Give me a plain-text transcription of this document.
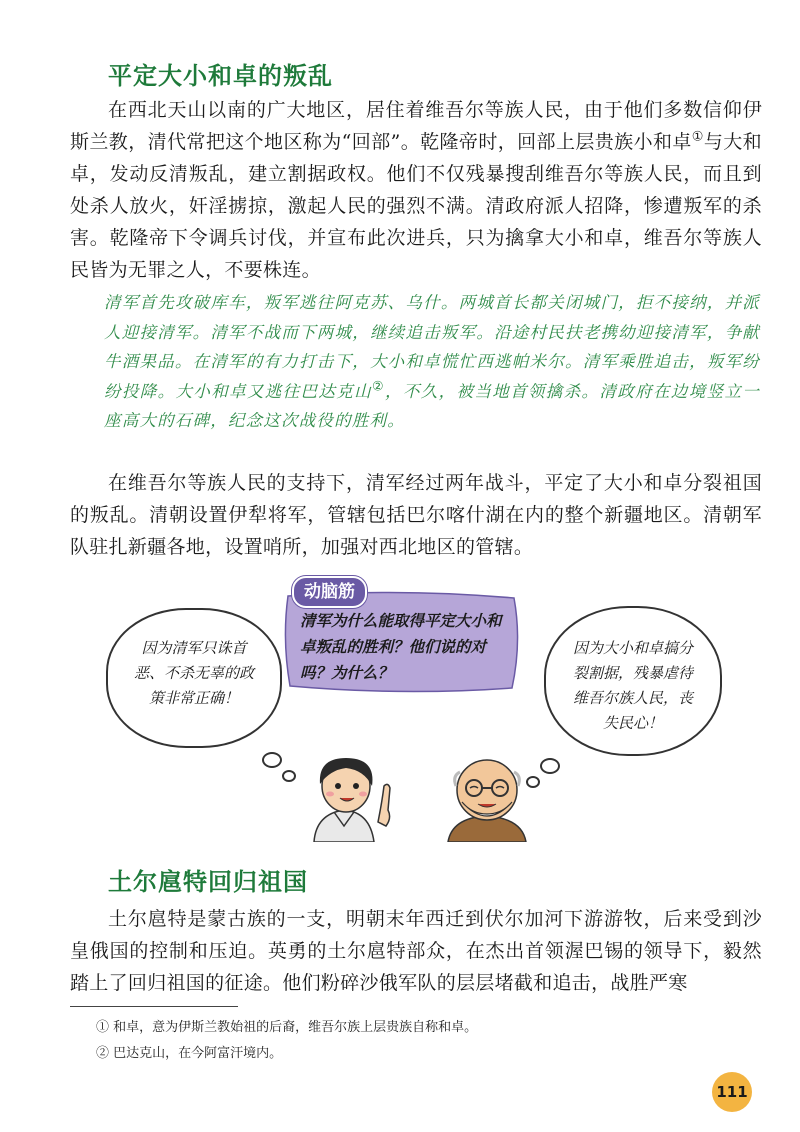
平定大小和卓的叛乱
在西北天山以南的广大地区，居住着维吾尔等族人民，由于他们多数信仰伊斯兰教，清代常把这个地区称为“回部”。乾隆帝时，回部上层贵族小和卓①与大和卓，发动反清叛乱，建立割据政权。他们不仅残暴搜刮维吾尔等族人民，而且到处杀人放火，奸淫掳掠，激起人民的强烈不满。清政府派人招降，惨遭叛军的杀害。乾隆帝下令调兵讨伐，并宣布此次进兵，只为擒拿大小和卓，维吾尔等族人民皆为无罪之人，不要株连。
清军首先攻破库车，叛军逃往阿克苏、乌什。两城首长都关闭城门，拒不接纳，并派人迎接清军。清军不战而下两城，继续追击叛军。沿途村民扶老携幼迎接清军，争献牛酒果品。在清军的有力打击下，大小和卓慌忙西逃帕米尔。清军乘胜追击，叛军纷纷投降。大小和卓又逃往巴达克山②，不久，被当地首领擒杀。清政府在边境竖立一座高大的石碑，纪念这次战役的胜利。
在维吾尔等族人民的支持下，清军经过两年战斗，平定了大小和卓分裂祖国的叛乱。清朝设置伊犁将军，管辖包括巴尔喀什湖在内的整个新疆地区。清朝军队驻扎新疆各地，设置哨所，加强对西北地区的管辖。
因为清军只诛首恶、不杀无辜的政策非常正确！
因为大小和卓搞分裂割据，残暴虐待维吾尔族人民，丧失民心！
动脑筋
清军为什么能取得平定大小和卓叛乱的胜利？他们说的对吗？为什么？
土尔扈特回归祖国
土尔扈特是蒙古族的一支，明朝末年西迁到伏尔加河下游游牧，后来受到沙皇俄国的控制和压迫。英勇的土尔扈特部众，在杰出首领渥巴锡的领导下，毅然踏上了回归祖国的征途。他们粉碎沙俄军队的层层堵截和追击，战胜严寒
① 和卓，意为伊斯兰教始祖的后裔，维吾尔族上层贵族自称和卓。
② 巴达克山，在今阿富汗境内。
111
